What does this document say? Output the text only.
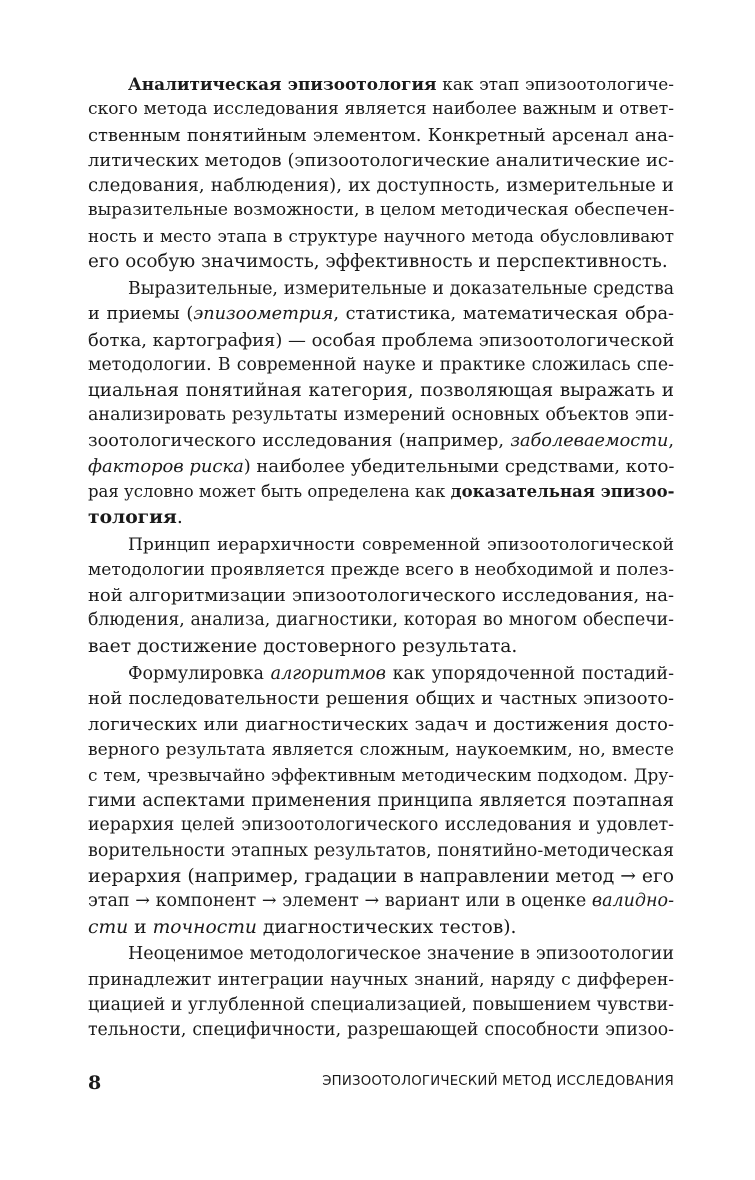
Аналитическая эпизоотология как этап эпизоотологиче-
ского метода исследования является наиболее важным и ответ-
ственным понятийным элементом. Конкретный арсенал ана-
литических методов (эпизоотологические аналитические ис-
следования, наблюдения), их доступность, измерительные и
выразительные возможности, в целом методическая обеспечен-
ность и место этапа в структуре научного метода обусловливают
его особую значимость, эффективность и перспективность.

Выразительные, измерительные и доказательные средства
и приемы (эпизоометрия, статистика, математическая обра-
ботка, картография) — особая проблема эпизоотологической
методологии. В современной науке и практике сложилась спе-
циальная понятийная категория, позволяющая выражать и
анализировать результаты измерений основных объектов эпи-
зоотологического исследования (например, заболеваемости,
факторов риска) наиболее убедительными средствами, кото-
рая условно может быть определена как доказательная эпизоо-
тология.

Принцип иерархичности современной эпизоотологической
методологии проявляется прежде всего в необходимой и полез-
ной алгоритмизации эпизоотологического исследования, на-
блюдения, анализа, диагностики, которая во многом обеспечи-
вает достижение достоверного результата.

Формулировка алгоритмов как упорядоченной постадий-
ной последовательности решения общих и частных эпизоото-
логических или диагностических задач и достижения досто-
верного результата является сложным, наукоемким, но, вместе
с тем, чрезвычайно эффективным методическим подходом. Дру-
гими аспектами применения принципа является поэтапная
иерархия целей эпизоотологического исследования и удовлет-
ворительности этапных результатов, понятийно-методическая
иерархия (например, градации в направлении метод → его
этап → компонент → элемент → вариант или в оценке валидно-
сти и точности диагностических тестов).

Неоценимое методологическое значение в эпизоотологии
принадлежит интеграции научных знаний, наряду с дифферен-
циацией и углубленной специализацией, повышением чувстви-
тельности, специфичности, разрешающей способности эпизоо-

8	ЭПИЗООТОЛОГИЧЕСКИЙ МЕТОД ИССЛЕДОВАНИЯ
